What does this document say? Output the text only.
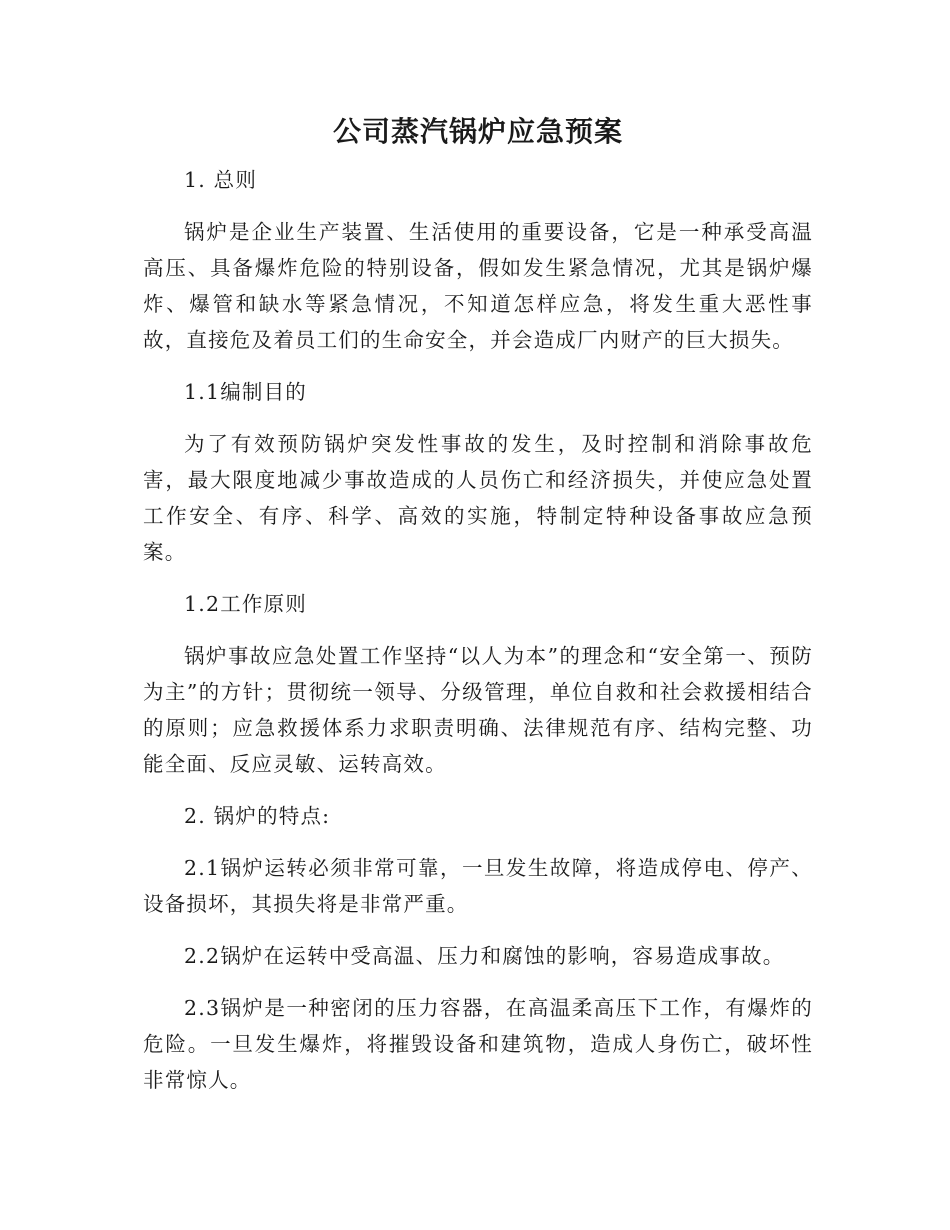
公司蒸汽锅炉应急预案

1. 总则

锅炉是企业生产装置、生活使用的重要设备，它是一种承受高温高压、具备爆炸危险的特别设备，假如发生紧急情况，尤其是锅炉爆炸、爆管和缺水等紧急情况，不知道怎样应急，将发生重大恶性事故，直接危及着员工们的生命安全，并会造成厂内财产的巨大损失。

1.1编制目的

为了有效预防锅炉突发性事故的发生，及时控制和消除事故危害，最大限度地减少事故造成的人员伤亡和经济损失，并使应急处置工作安全、有序、科学、高效的实施，特制定特种设备事故应急预案。

1.2工作原则

锅炉事故应急处置工作坚持“以人为本”的理念和“安全第一、预防为主”的方针；贯彻统一领导、分级管理，单位自救和社会救援相结合的原则；应急救援体系力求职责明确、法律规范有序、结构完整、功能全面、反应灵敏、运转高效。

2. 锅炉的特点:

2.1锅炉运转必须非常可靠，一旦发生故障，将造成停电、停产、设备损坏，其损失将是非常严重。

2.2锅炉在运转中受高温、压力和腐蚀的影响，容易造成事故。

2.3锅炉是一种密闭的压力容器，在高温柔高压下工作，有爆炸的危险。一旦发生爆炸，将摧毁设备和建筑物，造成人身伤亡，破坏性非常惊人。
